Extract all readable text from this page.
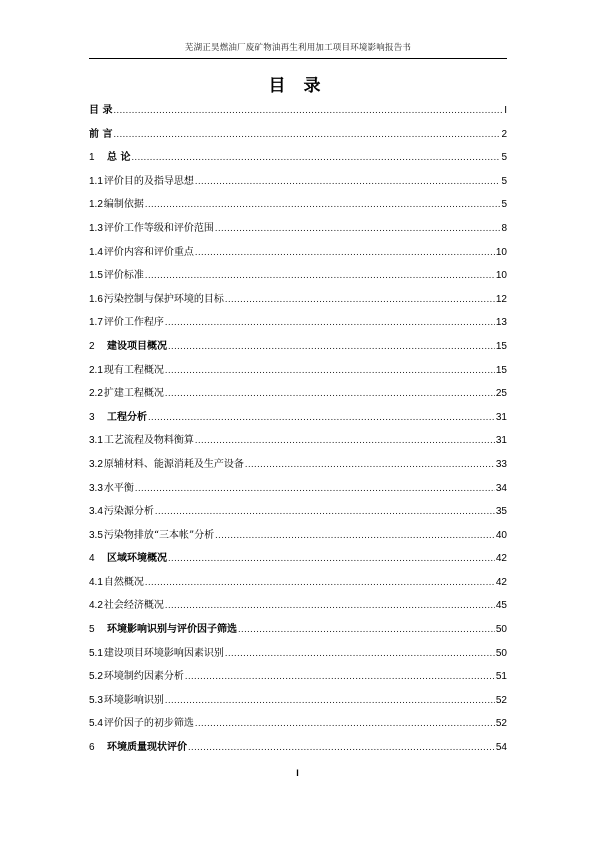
芜湖正昊燃油厂废矿物油再生利用加工项目环境影响报告书
目 录
目 录 .....	I
前 言 .....	2
1 总 论 .....	5
1.1评价目的及指导思想 .....	5
1.2编制依据 .....	5
1.3评价工作等级和评价范围 .....	8
1.4评价内容和评价重点 .....	10
1.5评价标准 .....	10
1.6污染控制与保护环境的目标 .....	12
1.7评价工作程序 .....	13
2 建设项目概况 .....	15
2.1现有工程概况 .....	15
2.2扩建工程概况 .....	25
3 工程分析 .....	31
3.1工艺流程及物料衡算 .....	31
3.2原辅材料、能源消耗及生产设备 .....	33
3.3水平衡 .....	34
3.4污染源分析 .....	35
3.5污染物排放“三本帐”分析 .....	40
4 区域环境概况 .....	42
4.1自然概况 .....	42
4.2社会经济概况 .....	45
5 环境影响识别与评价因子筛选 .....	50
5.1建设项目环境影响因素识别 .....	50
5.2环境制约因素分析 .....	51
5.3环境影响识别 .....	52
5.4评价因子的初步筛选 .....	52
6 环境质量现状评价 .....	54
I
